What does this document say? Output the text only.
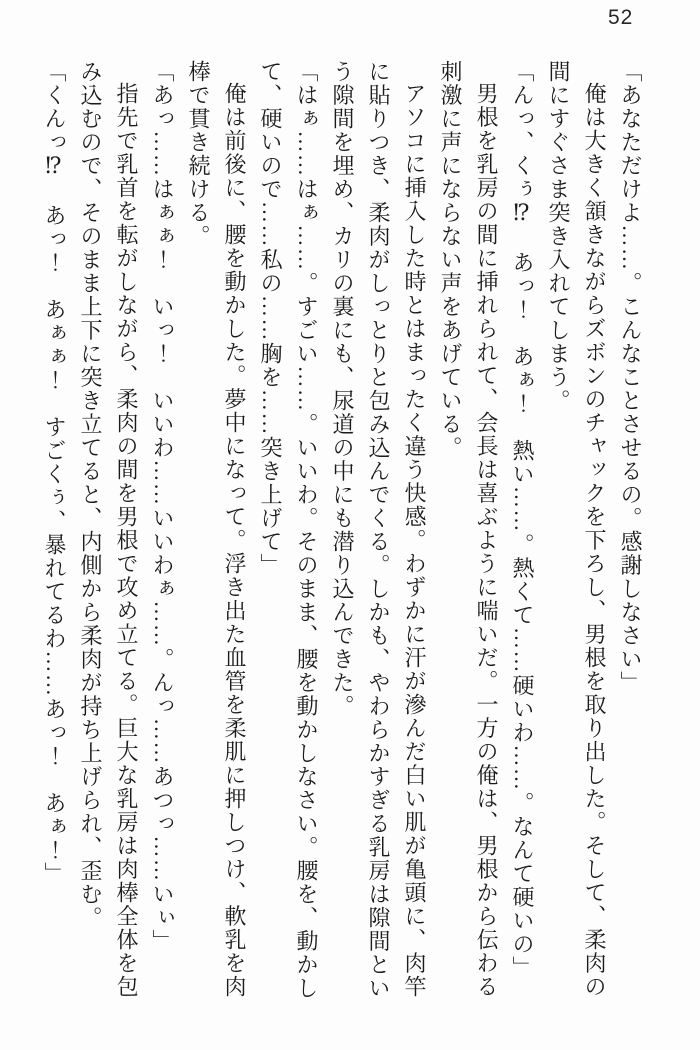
52

「あなただけよ……。こんなことさせるの。感謝しなさい」

俺は大きく頷きながらズボンのチャックを下ろし、男根を取り出した。そして、柔肉の間にすぐさま突き入れてしまう。

「んっ、くぅ⁉　あっ！　あぁ！　熱い……。熱くて……硬いわ……。なんて硬いの」

男根を乳房の間に挿れられて、会長は喜ぶように喘いだ。一方の俺は、男根から伝わる刺激に声にならない声をあげている。

アソコに挿入した時とはまったく違う快感。わずかに汗が滲んだ白い肌が亀頭に、肉竿に貼りつき、柔肉がしっとりと包み込んでくる。しかも、やわらかすぎる乳房は隙間という隙間を埋め、カリの裏にも、尿道の中にも潜り込んできた。

「はぁ……はぁ……。すごい……。いいわ。そのまま、腰を動かしなさい。腰を、動かして、硬いので……私の……胸を……突き上げて」

俺は前後に、腰を動かした。夢中になって。浮き出た血管を柔肌に押しつけ、軟乳を肉棒で貫き続ける。

「あっ……はぁぁ！　いっ！　いいわ……いいわぁ……。んっ……あつっ……いぃ」

指先で乳首を転がしながら、柔肉の間を男根で攻め立てる。巨大な乳房は肉棒全体を包み込むので、そのまま上下に突き立てると、内側から柔肉が持ち上げられ、歪む。

「くんっ⁉　あっ！　あぁぁ！　すごくぅ、暴れてるわ……あっ！　あぁ！」
